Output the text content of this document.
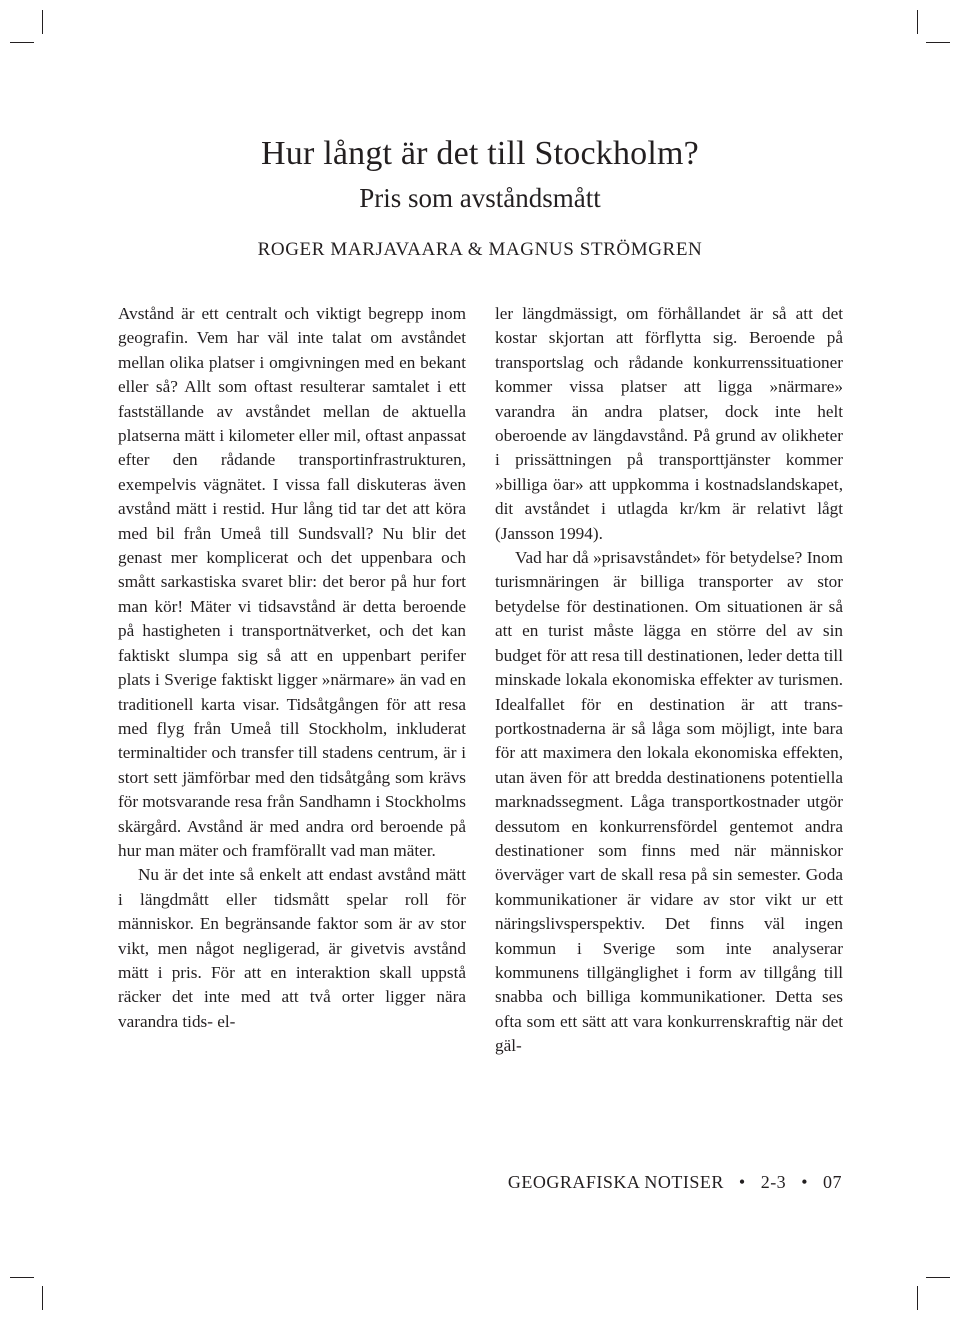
Hur långt är det till Stockholm?
Pris som avståndsmått
ROGER MARJAVAARA & MAGNUS STRÖMGREN

Avstånd är ett centralt och viktigt begrepp inom geografin. Vem har väl inte talat om avståndet mellan olika platser i omgivningen med en bekant eller så? Allt som oftast resulterar samtalet i ett fastställande av avståndet mellan de aktuella platserna mätt i kilometer eller mil, oftast anpassat efter den rådande transportinfrastrukturen, exempelvis vägnätet. I vissa fall diskuteras även avstånd mätt i restid. Hur lång tid tar det att köra med bil från Umeå till Sundsvall? Nu blir det genast mer komplicerat och det uppenbara och smått sarkastiska svaret blir: det beror på hur fort man kör! Mäter vi tidsavstånd är detta beroende på hastigheten i transportnätverket, och det kan faktiskt slumpa sig så att en uppenbart perifer plats i Sverige faktiskt ligger »närmare» än vad en traditionell karta visar. Tidsåtgången för att resa med flyg från Umeå till Stockholm, inkluderat terminaltider och transfer till stadens centrum, är i stort sett jämförbar med den tidsåtgång som krävs för motsvarande resa från Sandhamn i Stockholms skärgård. Avstånd är med andra ord beroende på hur man mäter och framförallt vad man mäter.

Nu är det inte så enkelt att endast avstånd mätt i längdmått eller tidsmått spelar roll för människor. En begränsande faktor som är av stor vikt, men något negligerad, är givetvis avstånd mätt i pris. För att en interaktion skall uppstå räcker det inte med att två orter ligger nära varandra tids- el-

ler längdmässigt, om förhållandet är så att det kostar skjortan att förflytta sig. Beroende på transportslag och rådande konkurrenssituationer kommer vissa platser att ligga »närmare» varandra än andra platser, dock inte helt oberoende av längdavstånd. På grund av olikheter i prissättningen på transporttjänster kommer »billiga öar» att uppkomma i kostnadslandskapet, dit avståndet i utlagda kr/km är relativt lågt (Jansson 1994).

Vad har då »prisavståndet» för betydelse? Inom turismnäringen är billiga transporter av stor betydelse för destinationen. Om situationen är så att en turist måste lägga en större del av sin budget för att resa till destinationen, leder detta till minskade lokala ekonomiska effekter av turismen. Idealfallet för en destination är att transportkostnaderna är så låga som möjligt, inte bara för att maximera den lokala ekonomiska effekten, utan även för att bredda destinationens potentiella marknadssegment. Låga transportkostnader utgör dessutom en konkurrensfördel gentemot andra destinationer som finns med när människor överväger vart de skall resa på sin semester. Goda kommunikationer är vidare av stor vikt ur ett näringslivsperspektiv. Det finns väl ingen kommun i Sverige som inte analyserar kommunens tillgänglighet i form av tillgång till snabba och billiga kommunikationer. Detta ses ofta som ett sätt att vara konkurrenskraftig när det gäl-

GEOGRAFISKA NOTISER • 2-3 • 07
